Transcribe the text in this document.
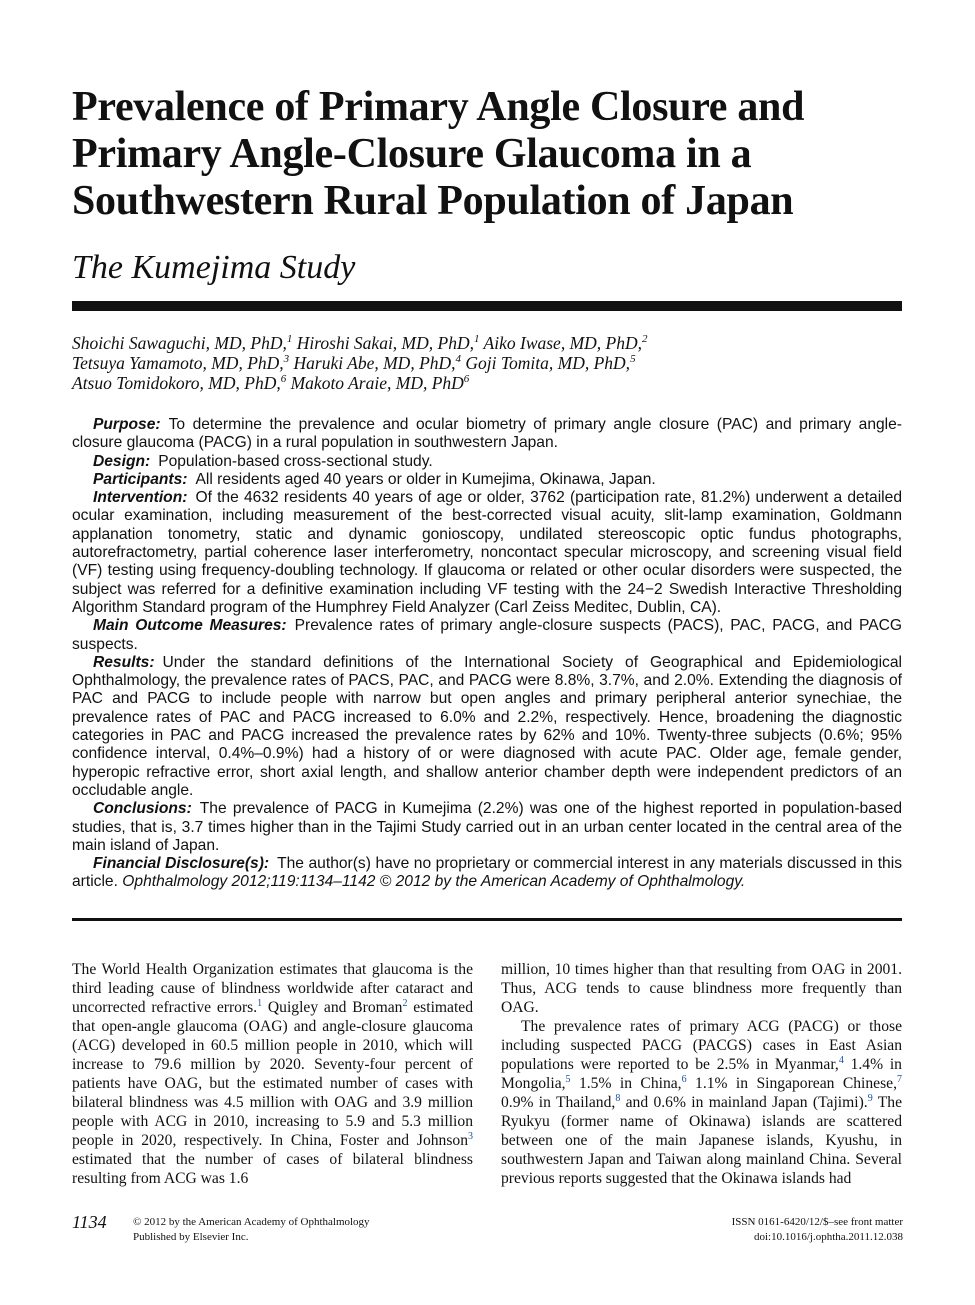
Prevalence of Primary Angle Closure and Primary Angle-Closure Glaucoma in a Southwestern Rural Population of Japan
The Kumejima Study
Shoichi Sawaguchi, MD, PhD,$^1$ Hiroshi Sakai, MD, PhD,$^1$ Aiko Iwase, MD, PhD,$^2$
Tetsuya Yamamoto, MD, PhD,$^3$ Haruki Abe, MD, PhD,$^4$ Goji Tomita, MD, PhD,$^5$
Atsuo Tomidokoro, MD, PhD,$^6$ Makoto Araie, MD, PhD$^6$

Purpose: To determine the prevalence and ocular biometry of primary angle closure (PAC) and primary angle-closure glaucoma (PACG) in a rural population in southwestern Japan.

Design: Population-based cross-sectional study.

Participants: All residents aged 40 years or older in Kumejima, Okinawa, Japan.

Intervention: Of the 4632 residents 40 years of age or older, 3762 (participation rate, 81.2%) underwent a detailed ocular examination, including measurement of the best-corrected visual acuity, slit-lamp examination, Goldmann applanation tonometry, static and dynamic gonioscopy, undilated stereoscopic optic fundus photographs, autorefractometry, partial coherence laser interferometry, noncontact specular microscopy, and screening visual field (VF) testing using frequency-doubling technology. If glaucoma or related or other ocular disorders were suspected, the subject was referred for a definitive examination including VF testing with the 24−2 Swedish Interactive Thresholding Algorithm Standard program of the Humphrey Field Analyzer (Carl Zeiss Meditec, Dublin, CA).

Main Outcome Measures: Prevalence rates of primary angle-closure suspects (PACS), PAC, PACG, and PACG suspects.

Results: Under the standard definitions of the International Society of Geographical and Epidemiological Ophthalmology, the prevalence rates of PACS, PAC, and PACG were 8.8%, 3.7%, and 2.0%. Extending the diagnosis of PAC and PACG to include people with narrow but open angles and primary peripheral anterior synechiae, the prevalence rates of PAC and PACG increased to 6.0% and 2.2%, respectively. Hence, broadening the diagnostic categories in PAC and PACG increased the prevalence rates by 62% and 10%. Twenty-three subjects (0.6%; 95% confidence interval, 0.4%–0.9%) had a history of or were diagnosed with acute PAC. Older age, female gender, hyperopic refractive error, short axial length, and shallow anterior chamber depth were independent predictors of an occludable angle.

Conclusions: The prevalence of PACG in Kumejima (2.2%) was one of the highest reported in population-based studies, that is, 3.7 times higher than in the Tajimi Study carried out in an urban center located in the central area of the main island of Japan.

Financial Disclosure(s): The author(s) have no proprietary or commercial interest in any materials discussed in this article. Ophthalmology 2012;119:1134–1142 © 2012 by the American Academy of Ophthalmology.

The World Health Organization estimates that glaucoma is the third leading cause of blindness worldwide after cataract and uncorrected refractive errors.$^1$ Quigley and Broman$^2$ estimated that open-angle glaucoma (OAG) and angle-closure glaucoma (ACG) developed in 60.5 million people in 2010, which will increase to 79.6 million by 2020. Seventy-four percent of patients have OAG, but the estimated number of cases with bilateral blindness was 4.5 million with OAG and 3.9 million people with ACG in 2010, increasing to 5.9 and 5.3 million people in 2020, respectively. In China, Foster and Johnson$^3$ estimated that the number of cases of bilateral blindness resulting from ACG was 1.6

million, 10 times higher than that resulting from OAG in 2001. Thus, ACG tends to cause blindness more frequently than OAG.

The prevalence rates of primary ACG (PACG) or those including suspected PACG (PACGS) cases in East Asian populations were reported to be 2.5% in Myanmar,$^4$ 1.4% in Mongolia,$^5$ 1.5% in China,$^6$ 1.1% in Singaporean Chinese,$^7$ 0.9% in Thailand,$^8$ and 0.6% in mainland Japan (Tajimi).$^9$ The Ryukyu (former name of Okinawa) islands are scattered between one of the main Japanese islands, Kyushu, in southwestern Japan and Taiwan along mainland China. Several previous reports suggested that the Okinawa islands had

1134 © 2012 by the American Academy of Ophthalmology
Published by Elsevier Inc.
ISSN 0161-6420/12/$–see front matter
doi:10.1016/j.ophtha.2011.12.038
